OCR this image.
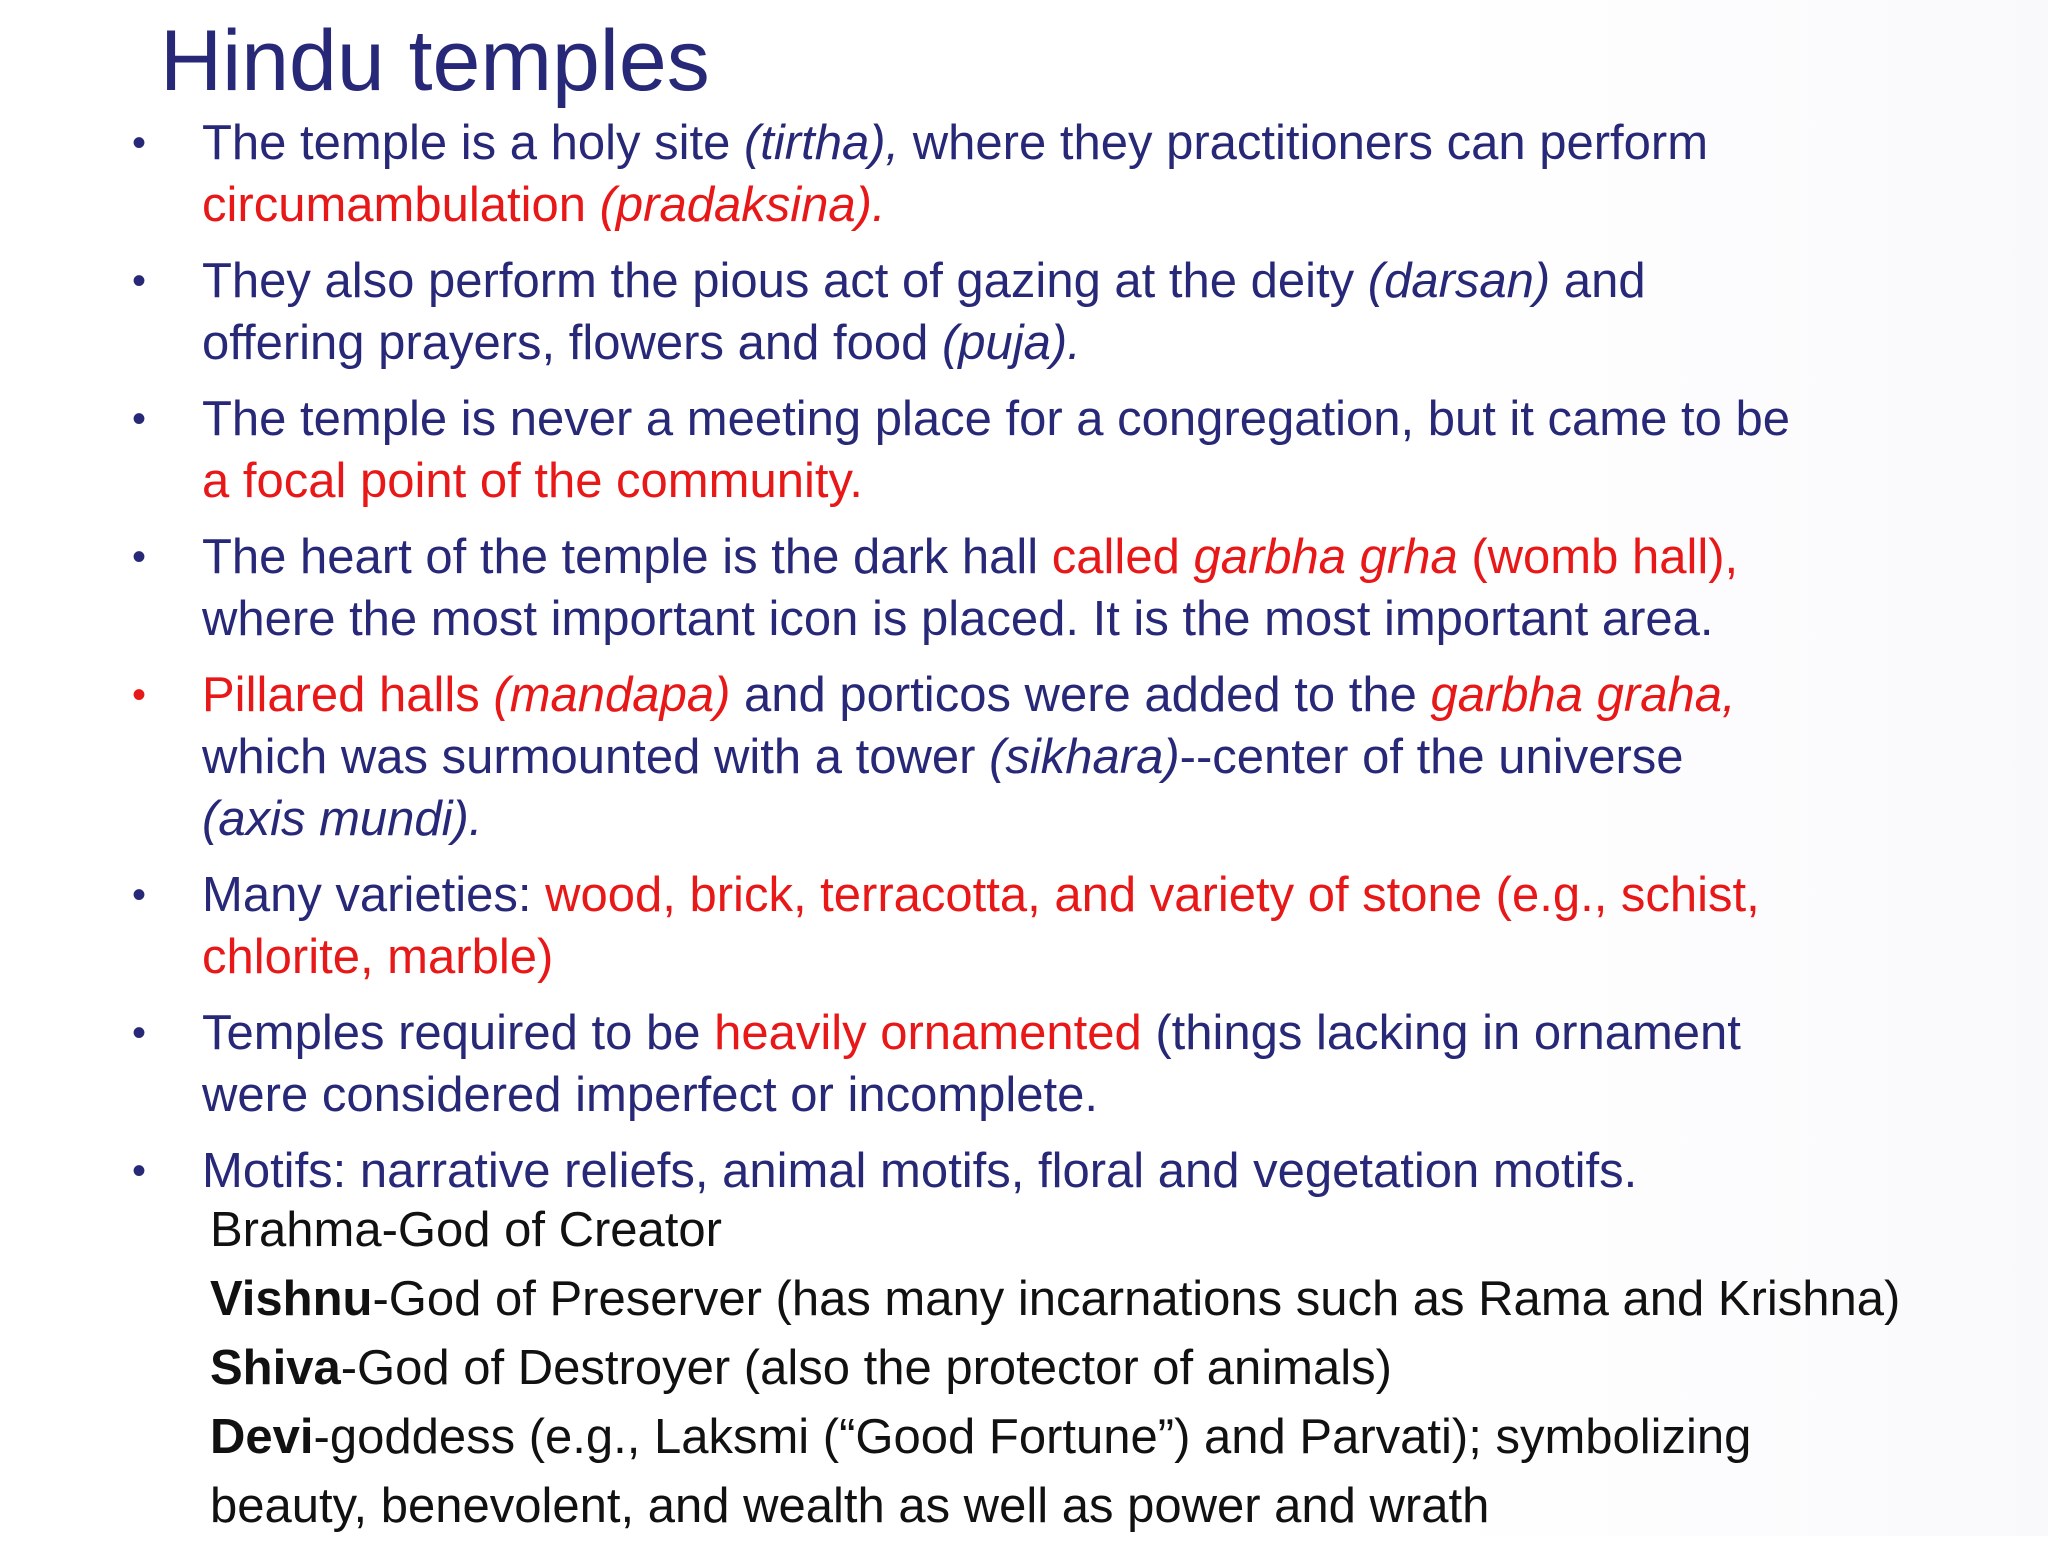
Hindu temples
• The temple is a holy site (tirtha), where they practitioners can perform
circumambulation (pradaksina).
• They also perform the pious act of gazing at the deity (darsan) and
offering prayers, flowers and food (puja).
• The temple is never a meeting place for a congregation, but it came to be
a focal point of the community.
• The heart of the temple is the dark hall called garbha grha (womb hall),
where the most important icon is placed. It is the most important area.
• Pillared halls (mandapa) and porticos were added to the garbha graha,
which was surmounted with a tower (sikhara)--center of the universe
(axis mundi).
• Many varieties: wood, brick, terracotta, and variety of stone (e.g., schist,
chlorite, marble)
• Temples required to be heavily ornamented (things lacking in ornament
were considered imperfect or incomplete.
• Motifs: narrative reliefs, animal motifs, floral and vegetation motifs.
Brahma-God of Creator
Vishnu-God of Preserver (has many incarnations such as Rama and Krishna)
Shiva-God of Destroyer (also the protector of animals)
Devi-goddess (e.g., Laksmi (“Good Fortune”) and Parvati); symbolizing
beauty, benevolent, and wealth as well as power and wrath
